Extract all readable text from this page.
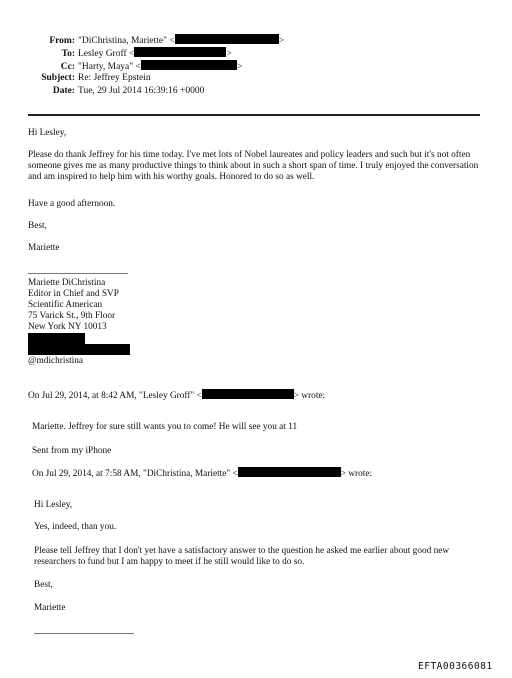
From: "DiChristina, Mariette" <	>
To: Lesley Groff <	>
Cc: "Harty, Maya" <	>
Subject: Re: Jeffrey Epstein
Date: Tue, 29 Jul 2014 16:39:16 +0000
Hi Lesley,
Please do thank Jeffrey for his time today. I've met lots of Nobel laureates and policy leaders and such but it's not often someone gives me as many productive things to think about in such a short span of time. I truly enjoyed the conversation and am inspired to help him with his worthy goals. Honored to do so as well.
Have a good afternoon.
Best,
Mariette
Mariette DiChristina
Editor in Chief and SVP
Scientific American
75 Varick St., 9th Floor
New York NY 10013
@mdichristina
On Jul 29, 2014, at 8:42 AM, "Lesley Groff" <	> wrote:
Mariette. Jeffrey for sure still wants you to come! He will see you at 11
Sent from my iPhone
On Jul 29, 2014, at 7:58 AM, "DiChristina, Mariette" <	> wrote:
Hi Lesley,
Yes, indeed, than you.
Please tell Jeffrey that I don't yet have a satisfactory answer to the question he asked me earlier about good new researchers to fund but I am happy to meet if he still would like to do so.
Best,
Mariette
EFTA00366081
